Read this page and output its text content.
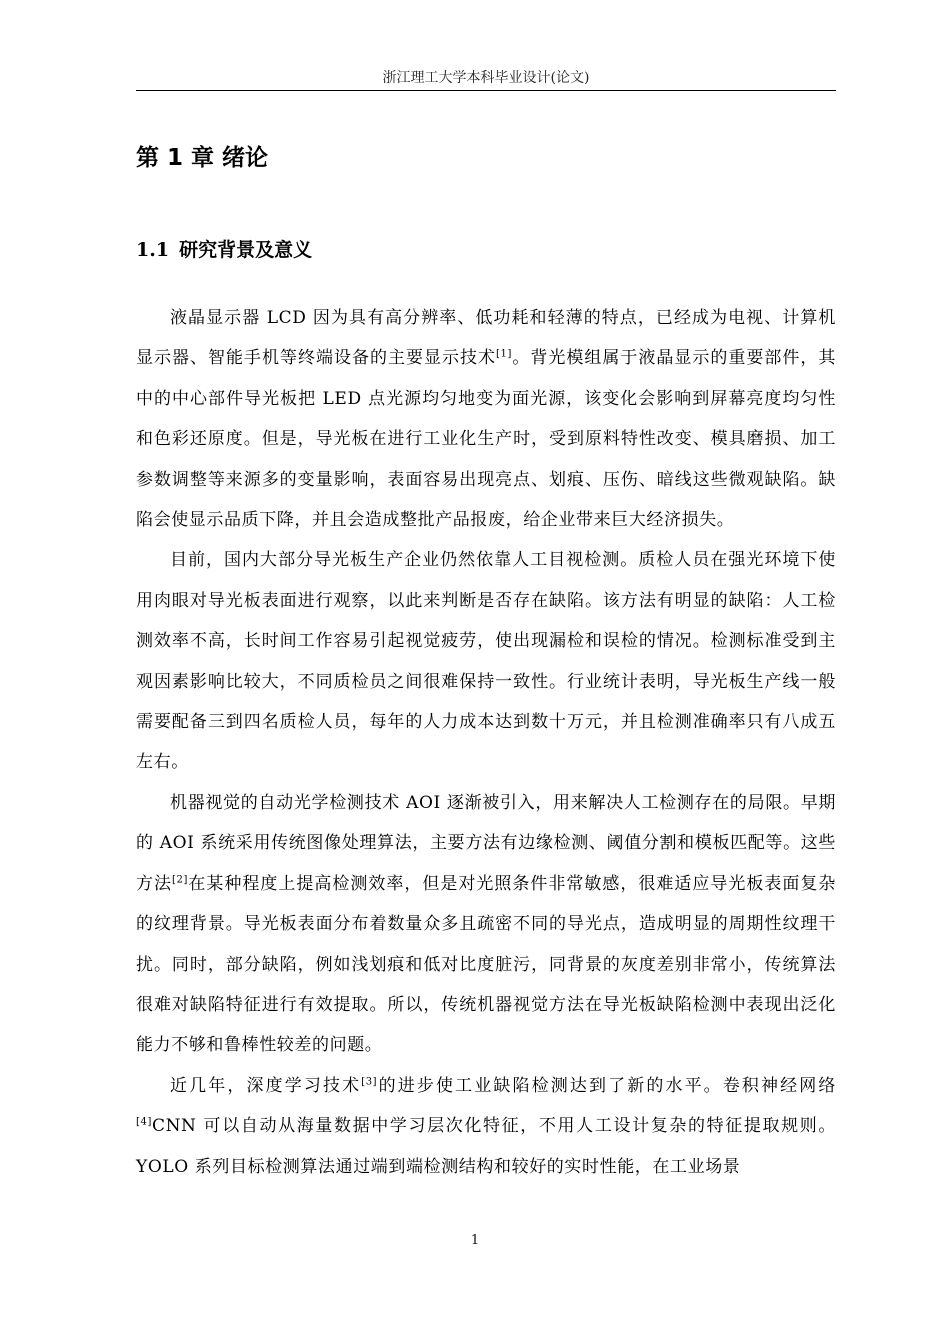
浙江理工大学本科毕业设计(论文)
第 1 章 绪论
1.1 研究背景及意义

液晶显示器 LCD 因为具有高分辨率、低功耗和轻薄的特点，已经成为电视、计算机显示器、智能手机等终端设备的主要显示技术[1]。背光模组属于液晶显示的重要部件，其中的中心部件导光板把 LED 点光源均匀地变为面光源，该变化会影响到屏幕亮度均匀性和色彩还原度。但是，导光板在进行工业化生产时，受到原料特性改变、模具磨损、加工参数调整等来源多的变量影响，表面容易出现亮点、划痕、压伤、暗线这些微观缺陷。缺陷会使显示品质下降，并且会造成整批产品报废，给企业带来巨大经济损失。

目前，国内大部分导光板生产企业仍然依靠人工目视检测。质检人员在强光环境下使用肉眼对导光板表面进行观察，以此来判断是否存在缺陷。该方法有明显的缺陷：人工检测效率不高，长时间工作容易引起视觉疲劳，使出现漏检和误检的情况。检测标准受到主观因素影响比较大，不同质检员之间很难保持一致性。行业统计表明，导光板生产线一般需要配备三到四名质检人员，每年的人力成本达到数十万元，并且检测准确率只有八成五左右。

机器视觉的自动光学检测技术 AOI 逐渐被引入，用来解决人工检测存在的局限。早期的 AOI 系统采用传统图像处理算法，主要方法有边缘检测、阈值分割和模板匹配等。这些方法[2]在某种程度上提高检测效率，但是对光照条件非常敏感，很难适应导光板表面复杂的纹理背景。导光板表面分布着数量众多且疏密不同的导光点，造成明显的周期性纹理干扰。同时，部分缺陷，例如浅划痕和低对比度脏污，同背景的灰度差别非常小，传统算法很难对缺陷特征进行有效提取。所以，传统机器视觉方法在导光板缺陷检测中表现出泛化能力不够和鲁棒性较差的问题。

近几年，深度学习技术[3]的进步使工业缺陷检测达到了新的水平。卷积神经网络[4]CNN 可以自动从海量数据中学习层次化特征，不用人工设计复杂的特征提取规则。YOLO 系列目标检测算法通过端到端检测结构和较好的实时性能，在工业场景

1
